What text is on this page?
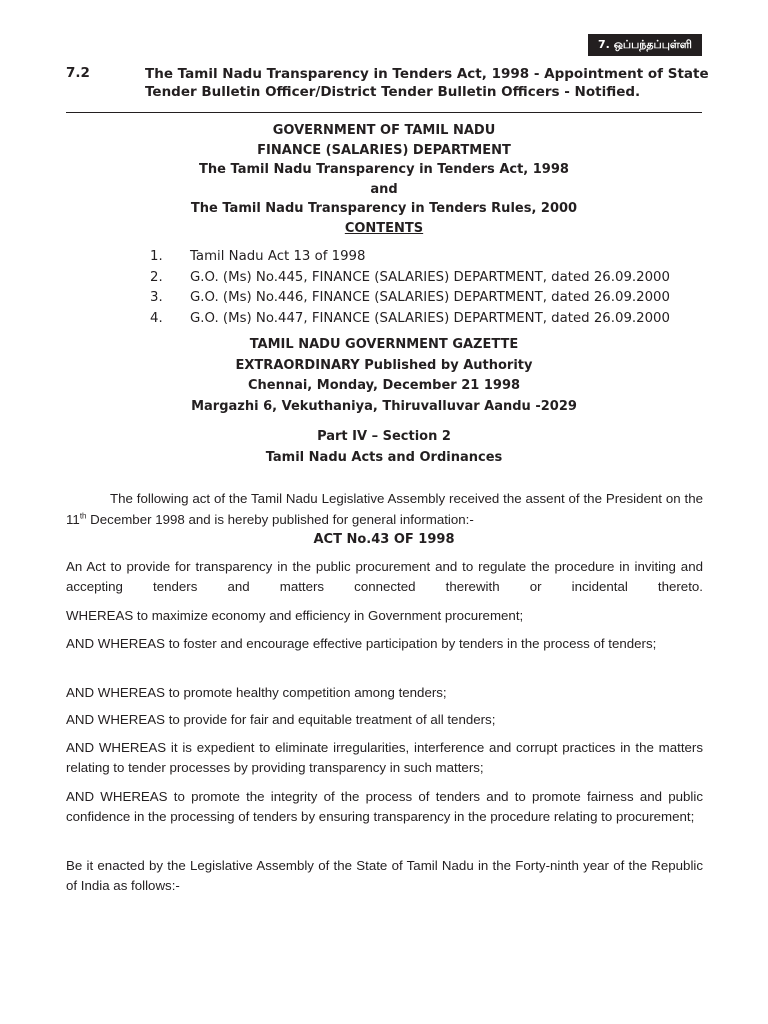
7. ஒப்பந்தப்புள்ளி
7.2	The Tamil Nadu Transparency in Tenders Act, 1998 - Appointment of State Tender Bulletin Officer/District Tender Bulletin Officers - Notified.
GOVERNMENT OF TAMIL NADU
FINANCE (SALARIES) DEPARTMENT
The Tamil Nadu Transparency in Tenders Act, 1998
and
The Tamil Nadu Transparency in Tenders Rules, 2000
CONTENTS
1. Tamil Nadu Act 13 of 1998
2. G.O. (Ms) No.445, FINANCE (SALARIES) DEPARTMENT, dated 26.09.2000
3. G.O. (Ms) No.446, FINANCE (SALARIES) DEPARTMENT, dated 26.09.2000
4. G.O. (Ms) No.447, FINANCE (SALARIES) DEPARTMENT, dated 26.09.2000
TAMIL NADU GOVERNMENT GAZETTE
EXTRAORDINARY Published by Authority
Chennai, Monday, December 21 1998
Margazhi 6, Vekuthaniya, Thiruvalluvar Aandu -2029
Part IV – Section 2
Tamil Nadu Acts and Ordinances
The following act of the Tamil Nadu Legislative Assembly received the assent of the President on the 11th December 1998 and is hereby published for general information:-
ACT No.43 OF 1998
An Act to provide for transparency in the public procurement and to regulate the procedure in inviting and accepting tenders and matters connected therewith or incidental thereto.
WHEREAS to maximize economy and efficiency in Government procurement;
AND WHEREAS to foster and encourage effective participation by tenders in the process of tenders;
AND WHEREAS to promote healthy competition among tenders;
AND WHEREAS to provide for fair and equitable treatment of all tenders;
AND WHEREAS it is expedient to eliminate irregularities, interference and corrupt practices in the matters relating to tender processes by providing transparency in such matters;
AND WHEREAS to promote the integrity of the process of tenders and to promote fairness and public confidence in the processing of tenders by ensuring transparency in the procedure relating to procurement;
Be it enacted by the Legislative Assembly of the State of Tamil Nadu in the Forty-ninth year of the Republic of India as follows:-
